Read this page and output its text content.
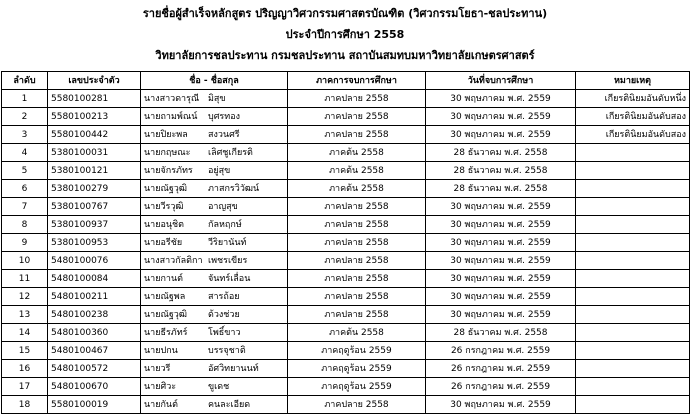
รายชื่อผู้สำเร็จหลักสูตร ปริญญาวิศวกรรมศาสตรบัณฑิต (วิศวกรรมโยธา-ชลประทาน)
ประจำปีการศึกษา 2558
วิทยาลัยการชลประทาน กรมชลประทาน สถาบันสมทบมหาวิทยาลัยเกษตรศาสตร์
ลำดับ	เลขประจำตัว	ชื่อ - ชื่อสกุล	ภาคการจบการศึกษา	วันที่จบการศึกษา	หมายเหตุ
1	5580100281	นางสาวดารุณี มิสุข	ภาคปลาย 2558	30 พฤษภาคม พ.ศ. 2559	เกียรตินิยมอันดับหนึ่ง
2	5580100213	นายถามพ์ณน์ บุศรทอง	ภาคปลาย 2558	30 พฤษภาคม พ.ศ. 2559	เกียรตินิยมอันดับสอง
3	5580100442	นายปิยะพล สงวนศรี	ภาคปลาย 2558	30 พฤษภาคม พ.ศ. 2559	เกียรตินิยมอันดับสอง
4	5380100031	นายกฤษณะ เลิศชูเกียรติ	ภาคต้น 2558	28 ธันวาคม พ.ศ. 2558	
5	5380100121	นายจักรภัทร อยู่สุข	ภาคต้น 2558	28 ธันวาคม พ.ศ. 2558	
6	5380100279	นายณัฐวุฒิ ภาสกรวิวัฒน์	ภาคต้น 2558	28 ธันวาคม พ.ศ. 2558	
7	5380100767	นายวีรวุฒิ อาญสุข	ภาคปลาย 2558	30 พฤษภาคม พ.ศ. 2559	
8	5380100937	นายอนุชิต กัลหฤกษ์	ภาคปลาย 2558	30 พฤษภาคม พ.ศ. 2559	
9	5380100953	นายอรีชัย วีริยานันท์	ภาคปลาย 2558	30 พฤษภาคม พ.ศ. 2559	
10	5480100076	นางสาวกัลติกา เพชรเขียร	ภาคปลาย 2558	30 พฤษภาคม พ.ศ. 2559	
11	5480100084	นายกานต์ จันทร์เลื่อน	ภาคปลาย 2558	30 พฤษภาคม พ.ศ. 2559	
12	5480100211	นายณัฐพล สารถ้อย	ภาคปลาย 2558	30 พฤษภาคม พ.ศ. 2559	
13	5480100238	นายณัฐวุฒิ ด้วงช่วย	ภาคปลาย 2558	30 พฤษภาคม พ.ศ. 2559	
14	5480100360	นายธีรภัทร์ โพธิ์ขาว	ภาคต้น 2558	28 ธันวาคม พ.ศ. 2558	
15	5480100467	นายปกน บรรจุชาติ	ภาคฤดูร้อน 2559	26 กรกฎาคม พ.ศ. 2559	
16	5480100572	นายวรี อัศวิทยานนท์	ภาคฤดูร้อน 2559	26 กรกฎาคม พ.ศ. 2559	
17	5480100670	นายศิวะ ขูเดช	ภาคฤดูร้อน 2559	26 กรกฎาคม พ.ศ. 2559	
18	5580100019	นายกันต์ คนละเอียด	ภาคปลาย 2558	30 พฤษภาคม พ.ศ. 2559	
